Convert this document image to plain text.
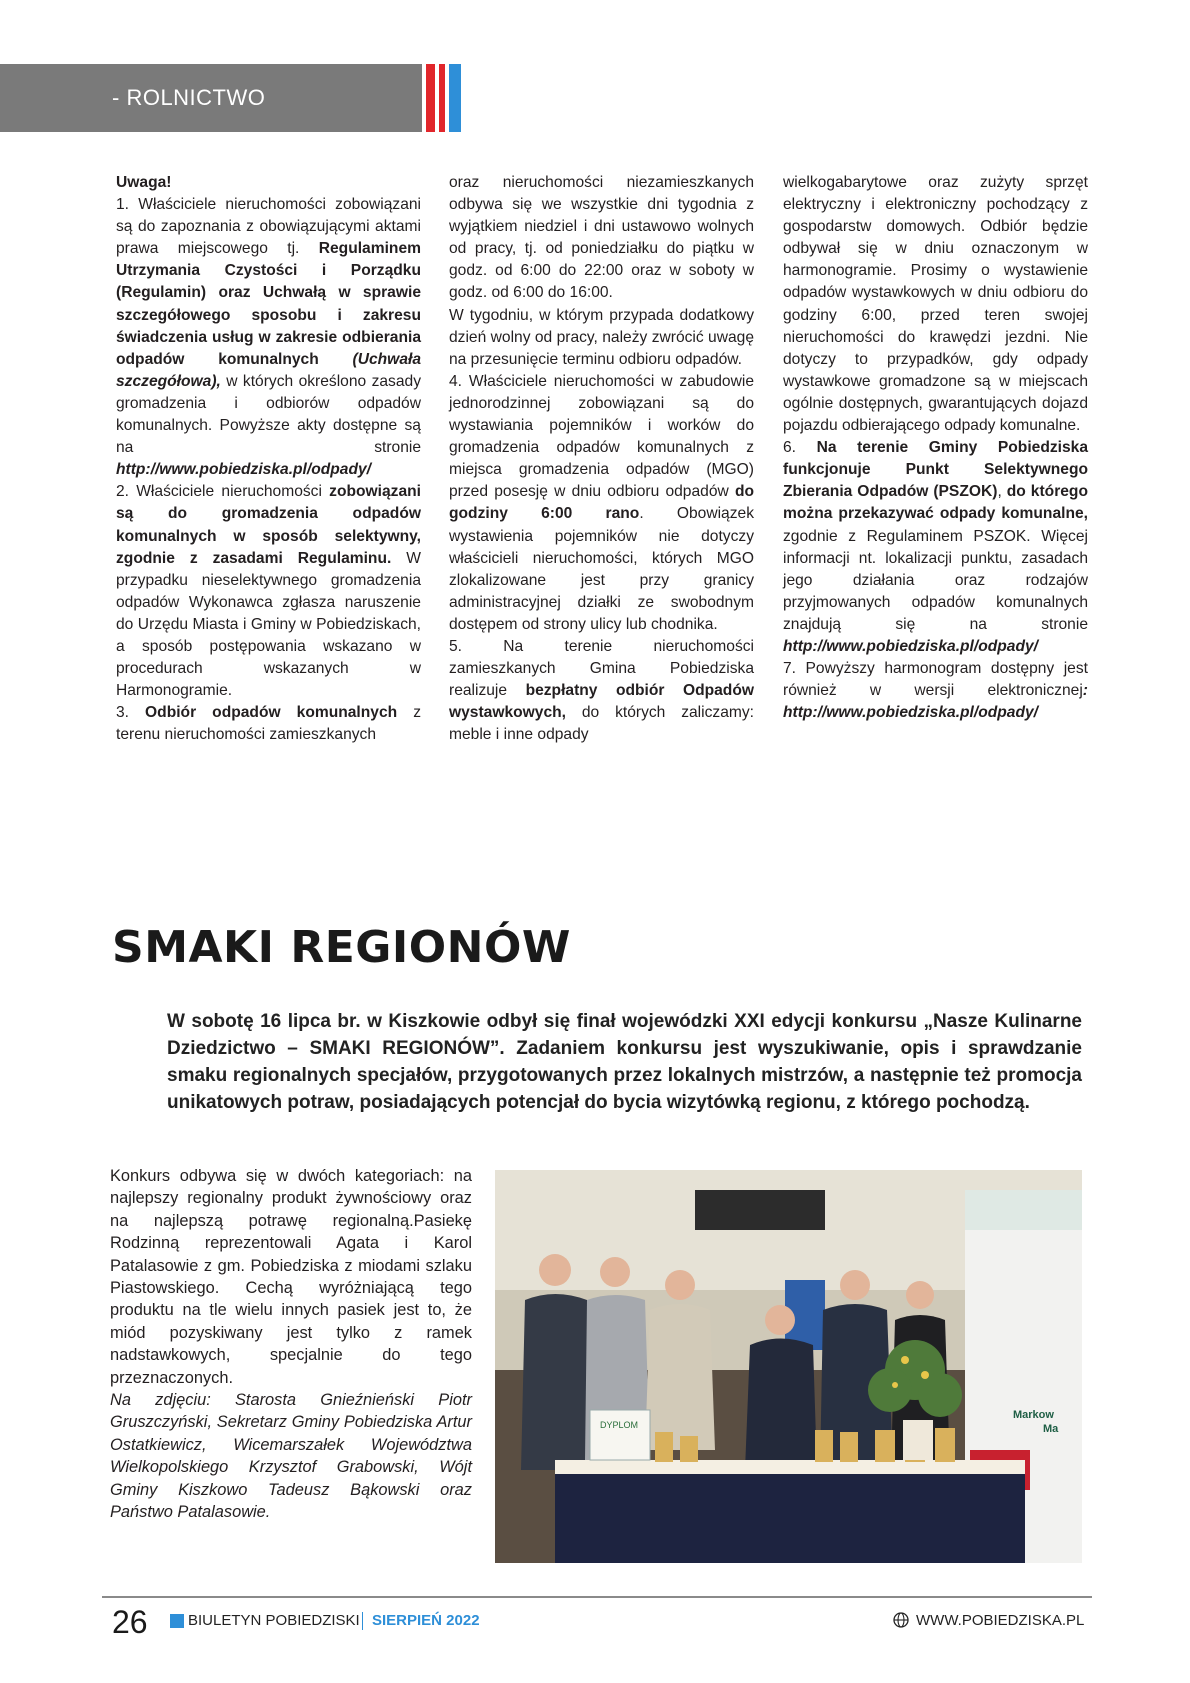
- ROLNICTWO

Uwaga!

1. Właściciele nieruchomości zobowiązani są do zapoznania z obowiązującymi aktami prawa miejscowego tj. Regulaminem Utrzymania Czystości i Porządku (Regulamin) oraz Uchwałą w sprawie szczegółowego sposobu i zakresu świadczenia usług w zakresie odbierania odpadów komunalnych (Uchwała szczegółowa), w których określono zasady gromadzenia i odbiorów odpadów komunalnych. Powyższe akty dostępne są na stronie http://www.pobiedziska.pl/odpady/

2. Właściciele nieruchomości zobowiązani są do gromadzenia odpadów komunalnych w sposób selektywny, zgodnie z zasadami Regulaminu. W przypadku nieselektywnego gromadzenia odpadów Wykonawca zgłasza naruszenie do Urzędu Miasta i Gminy w Pobiedziskach, a sposób postępowania wskazano w procedurach wskazanych w Harmonogramie.

3. Odbiór odpadów komunalnych z terenu nieruchomości zamieszkanych

oraz nieruchomości niezamieszkanych odbywa się we wszystkie dni tygodnia z wyjątkiem niedziel i dni ustawowo wolnych od pracy, tj. od poniedziałku do piątku w godz. od 6:00 do 22:00 oraz w soboty w godz. od 6:00 do 16:00.

W tygodniu, w którym przypada dodatkowy dzień wolny od pracy, należy zwrócić uwagę na przesunięcie terminu odbioru odpadów.

4. Właściciele nieruchomości w zabudowie jednorodzinnej zobowiązani są do wystawiania pojemników i worków do gromadzenia odpadów komunalnych z miejsca gromadzenia odpadów (MGO) przed posesję w dniu odbioru odpadów do godziny 6:00 rano. Obowiązek wystawienia pojemników nie dotyczy właścicieli nieruchomości, których MGO zlokalizowane jest przy granicy administracyjnej działki ze swobodnym dostępem od strony ulicy lub chodnika.

5. Na terenie nieruchomości zamieszkanych Gmina Pobiedziska realizuje bezpłatny odbiór Odpadów wystawkowych, do których zaliczamy: meble i inne odpady

wielkogabarytowe oraz zużyty sprzęt elektryczny i elektroniczny pochodzący z gospodarstw domowych. Odbiór będzie odbywał się w dniu oznaczonym w harmonogramie. Prosimy o wystawienie odpadów wystawkowych w dniu odbioru do godziny 6:00, przed teren swojej nieruchomości do krawędzi jezdni. Nie dotyczy to przypadków, gdy odpady wystawkowe gromadzone są w miejscach ogólnie dostępnych, gwarantujących dojazd pojazdu odbierającego odpady komunalne.

6. Na terenie Gminy Pobiedziska funkcjonuje Punkt Selektywnego Zbierania Odpadów (PSZOK), do którego można przekazywać odpady komunalne, zgodnie z Regulaminem PSZOK. Więcej informacji nt. lokalizacji punktu, zasadach jego działania oraz rodzajów przyjmowanych odpadów komunalnych znajdują się na stronie http://www.pobiedziska.pl/odpady/

7. Powyższy harmonogram dostępny jest również w wersji elektronicznej: http://www.pobiedziska.pl/odpady/

SMAKI REGIONÓW

W sobotę 16 lipca br. w Kiszkowie odbył się finał wojewódzki XXI edycji konkursu „Nasze Kulinarne Dziedzictwo – SMAKI REGIONÓW”. Zadaniem konkursu jest wyszukiwanie, opis i sprawdzanie smaku regionalnych specjałów, przygotowanych przez lokalnych mistrzów, a następnie też promocja unikatowych potraw, posiadających potencjał do bycia wizytówką regionu, z którego pochodzą.

Konkurs odbywa się w dwóch kategoriach: na najlepszy regionalny produkt żywnościowy oraz na najlepszą potrawę regionalną.Pasiekę Rodzinną reprezentowali Agata i Karol Patalasowie z gm. Pobiedziska z miodami szlaku Piastowskiego. Cechą wyróżniającą tego produktu na tle wielu innych pasiek jest to, że miód pozyskiwany jest tylko z ramek nadstawkowych, specjalnie do tego przeznaczonych.

Na zdjęciu: Starosta Gnieźnieński Piotr Gruszczyński, Sekretarz Gminy Pobiedziska Artur Ostatkiewicz, Wicemarszałek Województwa Wielkopolskiego Krzysztof Grabowski, Wójt Gminy Kiszkowo Tadeusz Bąkowski oraz Państwo Patalasowie.

Markow
Ma
DYPLOM
26	BIULETYN POBIEDZISKI SIERPIEŃ 2022	WWW.POBIEDZISKA.PL
